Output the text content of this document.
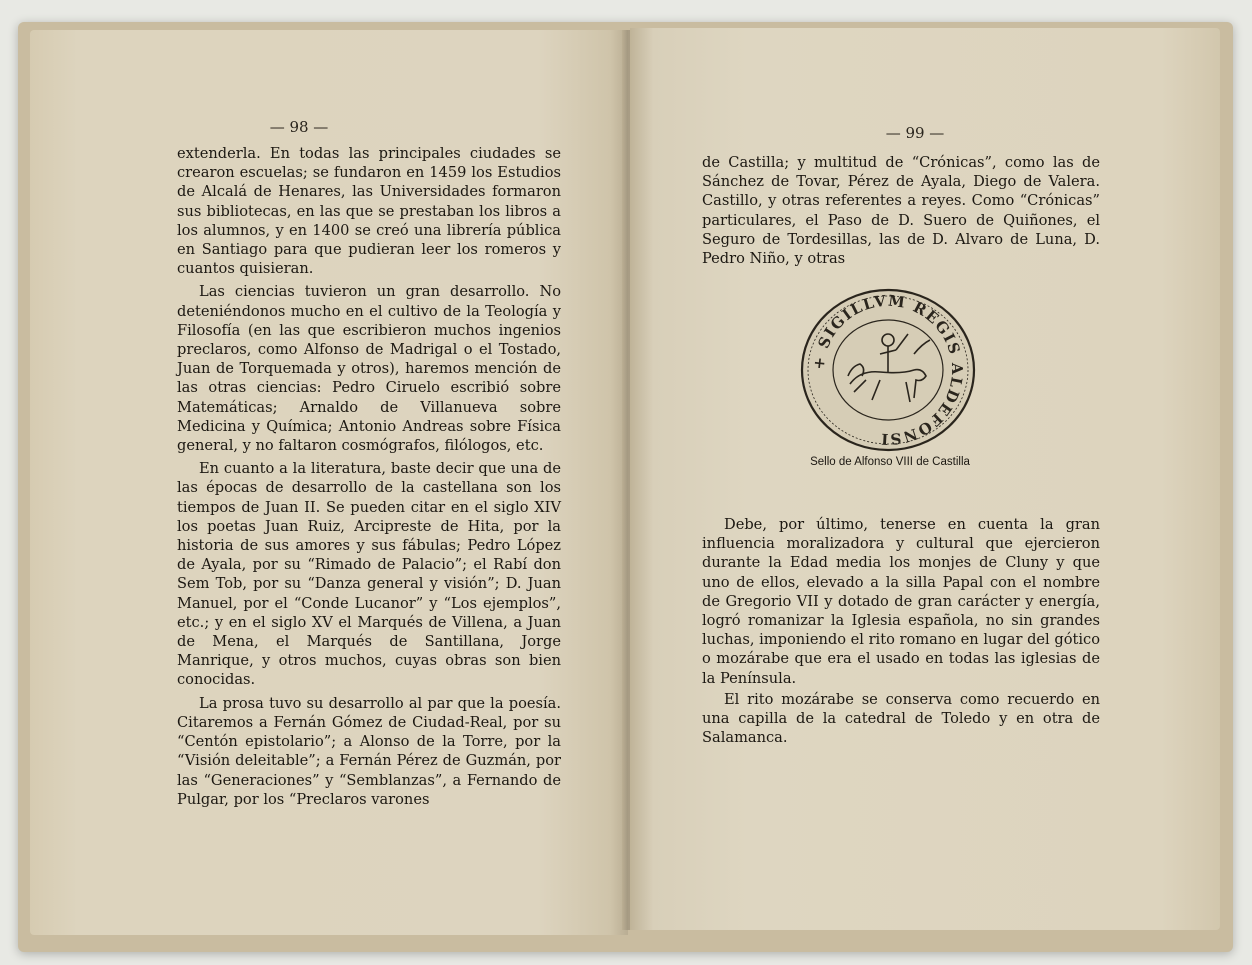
— 98 —

extenderla. En todas las principales ciudades se crearon escuelas; se fundaron en 1459 los Estudios de Alcalá de Henares, las Universidades formaron sus bibliotecas, en las que se prestaban los libros a los alumnos, y en 1400 se creó una librería pública en Santiago para que pudieran leer los romeros y cuantos quisieran.

Las ciencias tuvieron un gran desarrollo. No deteniéndonos mucho en el cultivo de la Teología y Filosofía (en las que escribieron muchos ingenios preclaros, como Alfonso de Madrigal o el Tostado, Juan de Torquemada y otros), haremos mención de las otras ciencias: Pedro Ciruelo escribió sobre Matemáticas; Arnaldo de Villanueva sobre Medicina y Química; Antonio Andreas sobre Física general, y no faltaron cosmógrafos, filólogos, etc.

En cuanto a la literatura, baste decir que una de las épocas de desarrollo de la castellana son los tiempos de Juan II. Se pueden citar en el siglo XIV los poetas Juan Ruiz, Arcipreste de Hita, por la historia de sus amores y sus fábulas; Pedro López de Ayala, por su “Rimado de Palacio”; el Rabí don Sem Tob, por su “Danza general y visión”; D. Juan Manuel, por el “Conde Lucanor” y “Los ejemplos”, etc.; y en el siglo XV el Marqués de Villena, a Juan de Mena, el Marqués de Santillana, Jorge Manrique, y otros muchos, cuyas obras son bien conocidas.

La prosa tuvo su desarrollo al par que la poesía. Citaremos a Fernán Gómez de Ciudad-Real, por su “Centón epistolario”; a Alonso de la Torre, por la “Visión deleitable”; a Fernán Pérez de Guzmán, por las “Generaciones” y “Semblanzas”, a Fernando de Pulgar, por los “Preclaros varones

— 99 —

de Castilla; y multitud de “Crónicas”, como las de Sánchez de Tovar, Pérez de Ayala, Diego de Valera. Castillo, y otras referentes a reyes. Como “Crónicas” particulares, el Paso de D. Suero de Quiñones, el Seguro de Tordesillas, las de D. Alvaro de Luna, D. Pedro Niño, y otras

+ SIGILLVM REGIS ALDEFONSI
Sello de Alfonso VIII de Castilla

Debe, por último, tenerse en cuenta la gran influencia moralizadora y cultural que ejercieron durante la Edad media los monjes de Cluny y que uno de ellos, elevado a la silla Papal con el nombre de Gregorio VII y dotado de gran carácter y energía, logró romanizar la Iglesia española, no sin grandes luchas, imponiendo el rito romano en lugar del gótico o mozárabe que era el usado en todas las iglesias de la Península.

El rito mozárabe se conserva como recuerdo en una capilla de la catedral de Toledo y en otra de Salamanca.
